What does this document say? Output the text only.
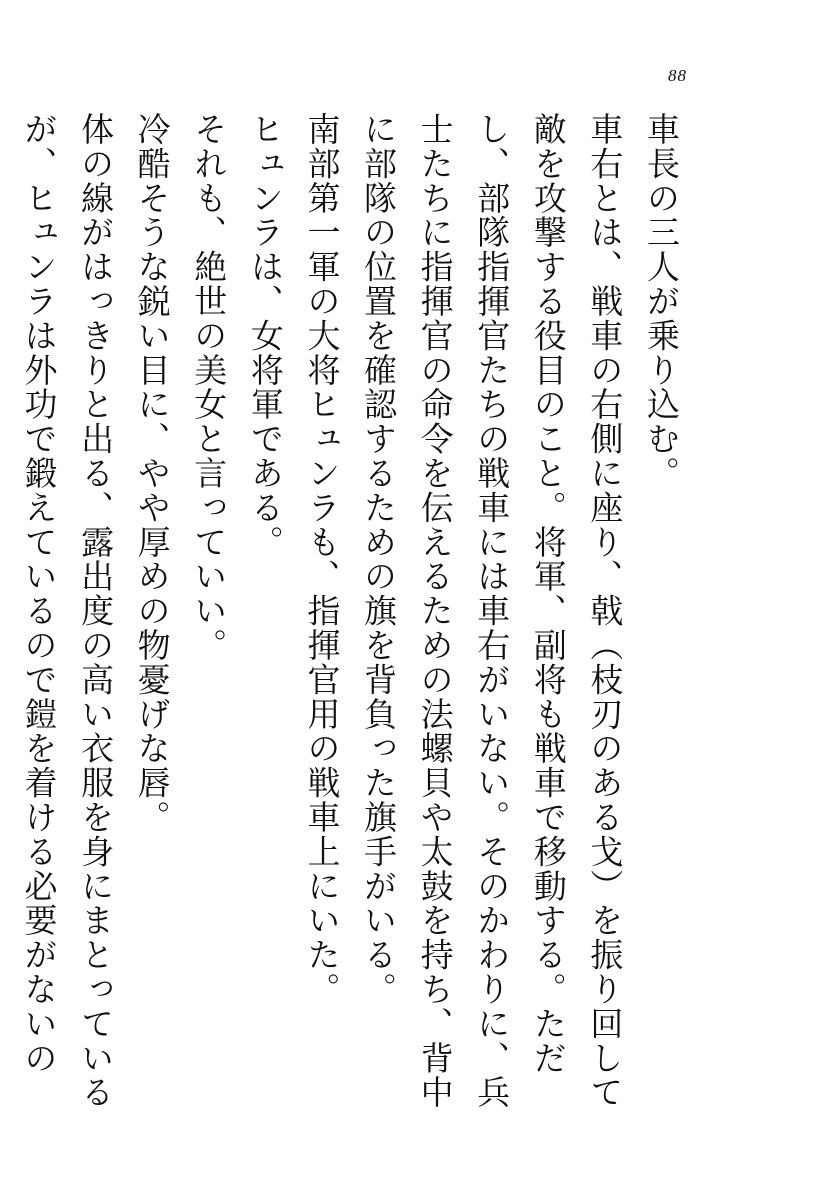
88

車長の三人が乗り込む。

車右とは、戦車の右側に座り、戟（枝刃のある戈）を振り回して敵を攻撃する役目のこと。将軍、副将も戦車で移動する。ただし、部隊指揮官たちの戦車には車右がいない。そのかわりに、兵士たちに指揮官の命令を伝えるための法螺貝や太鼓を持ち、背中に部隊の位置を確認するための旗を背負った旗手がいる。

南部第一軍の大将ヒュンラも、指揮官用の戦車上にいた。

ヒュンラは、女将軍である。

それも、絶世の美女と言っていい。

冷酷そうな鋭い目に、やや厚めの物憂げな唇。

体の線がはっきりと出る、露出度の高い衣服を身にまとっているが、ヒュンラは外功で鍛えているので鎧を着ける必要がないの
